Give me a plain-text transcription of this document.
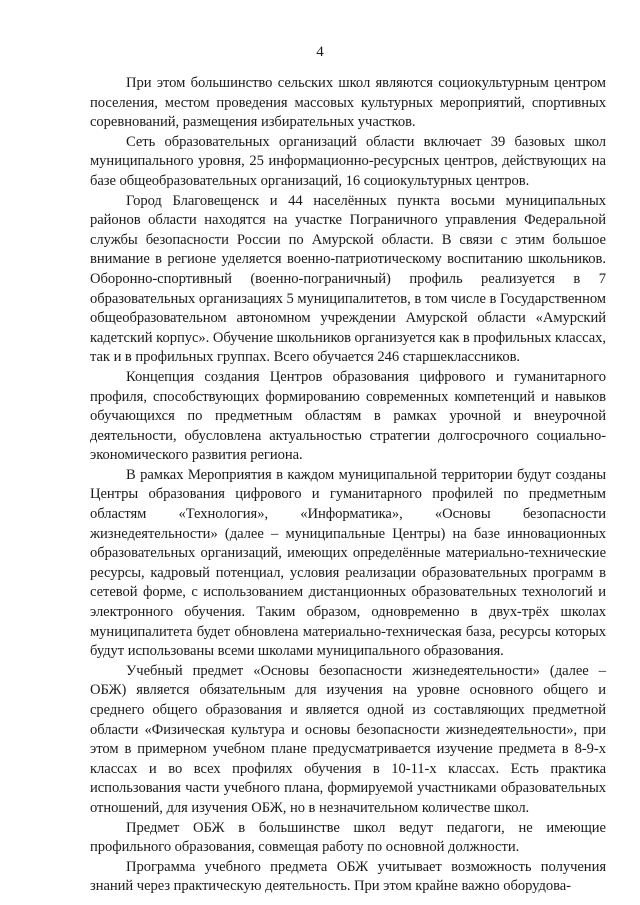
4

При этом большинство сельских школ являются социокультурным центром поселения, местом проведения массовых культурных мероприятий, спортивных соревнований, размещения избирательных участков.

Сеть образовательных организаций области включает 39 базовых школ муниципального уровня, 25 информационно-ресурсных центров, действующих на базе общеобразовательных организаций, 16 социокультурных центров.

Город Благовещенск и 44 населённых пункта восьми муниципальных районов области находятся на участке Пограничного управления Федеральной службы безопасности России по Амурской области. В связи с этим большое внимание в регионе уделяется военно-патриотическому воспитанию школьников. Оборонно-спортивный (военно-пограничный) профиль реализуется в 7 образовательных организациях 5 муниципалитетов, в том числе в Государственном общеобразовательном автономном учреждении Амурской области «Амурский кадетский корпус». Обучение школьников организуется как в профильных классах, так и в профильных группах. Всего обучается 246 старшеклассников.

Концепция создания Центров образования цифрового и гуманитарного профиля, способствующих формированию современных компетенций и навыков обучающихся по предметным областям в рамках урочной и внеурочной деятельности, обусловлена актуальностью стратегии долгосрочного социально-экономического развития региона.

В рамках Мероприятия в каждом муниципальной территории будут созданы Центры образования цифрового и гуманитарного профилей по предметным областям «Технология», «Информатика», «Основы безопасности жизнедеятельности» (далее – муниципальные Центры) на базе инновационных образовательных организаций, имеющих определённые материально-технические ресурсы, кадровый потенциал, условия реализации образовательных программ в сетевой форме, с использованием дистанционных образовательных технологий и электронного обучения. Таким образом, одновременно в двух-трёх школах муниципалитета будет обновлена материально-техническая база, ресурсы которых будут использованы всеми школами муниципального образования.

Учебный предмет «Основы безопасности жизнедеятельности» (далее – ОБЖ) является обязательным для изучения на уровне основного общего и среднего общего образования и является одной из составляющих предметной области «Физическая культура и основы безопасности жизнедеятельности», при этом в примерном учебном плане предусматривается изучение предмета в 8-9-х классах и во всех профилях обучения в 10-11-х классах. Есть практика использования части учебного плана, формируемой участниками образовательных отношений, для изучения ОБЖ, но в незначительном количестве школ.

Предмет ОБЖ в большинстве школ ведут педагоги, не имеющие профильного образования, совмещая работу по основной должности.

Программа учебного предмета ОБЖ учитывает возможность получения знаний через практическую деятельность. При этом крайне важно оборудова-
